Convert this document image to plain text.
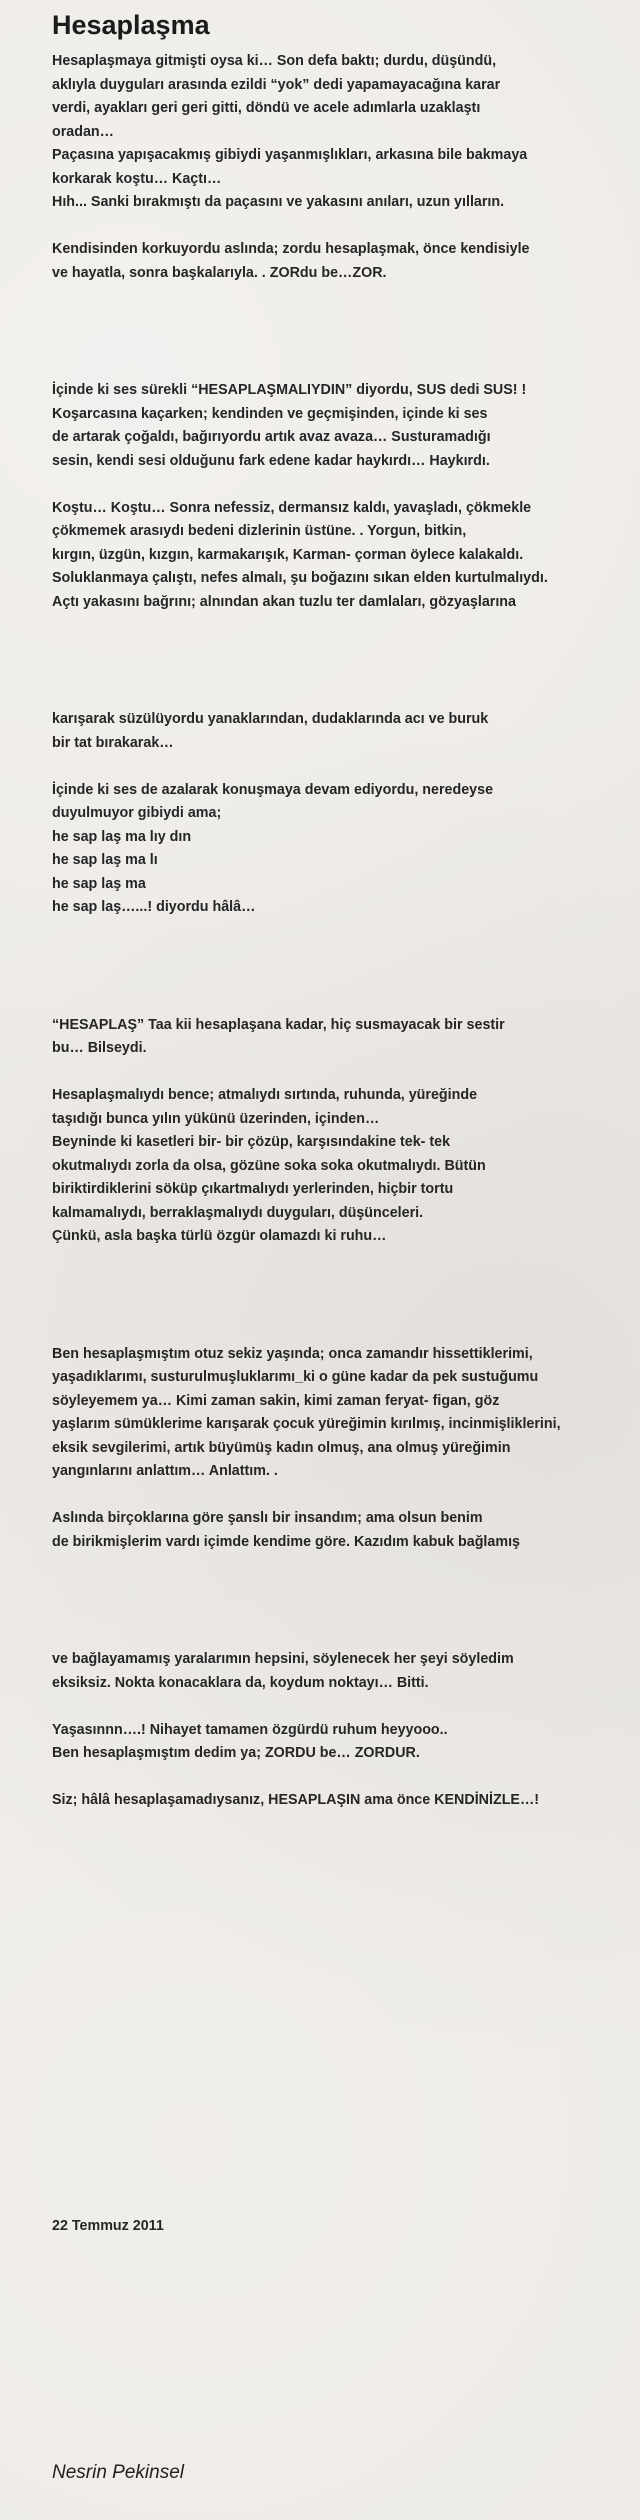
Hesaplaşma
Hesaplaşmaya gitmişti oysa ki… Son defa baktı; durdu, düşündü,
aklıyla duyguları arasında ezildi “yok” dedi yapamayacağına karar
verdi, ayakları geri geri gitti, döndü ve acele adımlarla uzaklaştı
oradan…
Paçasına yapışacakmış gibiydi yaşanmışlıkları, arkasına bile bakmaya
korkarak koştu… Kaçtı…
Hıh... Sanki bırakmıştı da paçasını ve yakasını anıları, uzun yılların.
Kendisinden korkuyordu aslında; zordu hesaplaşmak, önce kendisiyle
ve hayatla, sonra başkalarıyla. . ZORdu be…ZOR.
İçinde ki ses sürekli “HESAPLAŞMALIYDIN” diyordu, SUS dedi SUS! !
Koşarcasına kaçarken; kendinden ve geçmişinden, içinde ki ses
de artarak çoğaldı, bağırıyordu artık avaz avaza… Susturamadığı
sesin, kendi sesi olduğunu fark edene kadar haykırdı… Haykırdı.
Koştu… Koştu… Sonra nefessiz, dermansız kaldı, yavaşladı, çökmekle
çökmemek arasıydı bedeni dizlerinin üstüne. . Yorgun, bitkin,
kırgın, üzgün, kızgın, karmakarışık, Karman- çorman öylece kalakaldı.
Soluklanmaya çalıştı, nefes almalı, şu boğazını sıkan elden kurtulmalıydı.
Açtı yakasını bağrını; alnından akan tuzlu ter damlaları, gözyaşlarına
karışarak süzülüyordu yanaklarından, dudaklarında acı ve buruk
bir tat bırakarak…
İçinde ki ses de azalarak konuşmaya devam ediyordu, neredeyse
duyulmuyor gibiydi ama;
he sap laş ma lıy dın
he sap laş ma lı
he sap laş ma
he sap laş…...! diyordu hâlâ…
“HESAPLAŞ” Taa kii hesaplaşana kadar, hiç susmayacak bir sestir
bu… Bilseydi.
Hesaplaşmalıydı bence; atmalıydı sırtında, ruhunda, yüreğinde
taşıdığı bunca yılın yükünü üzerinden, içinden…
Beyninde ki kasetleri bir- bir çözüp, karşısındakine tek- tek
okutmalıydı zorla da olsa, gözüne soka soka okutmalıydı. Bütün
biriktirdiklerini söküp çıkartmalıydı yerlerinden, hiçbir tortu
kalmamalıydı, berraklaşmalıydı duyguları, düşünceleri.
Çünkü, asla başka türlü özgür olamazdı ki ruhu…
Ben hesaplaşmıştım otuz sekiz yaşında; onca zamandır hissettiklerimi,
yaşadıklarımı, susturulmuşluklarımı_ki o güne kadar da pek sustuğumu
söyleyemem ya… Kimi zaman sakin, kimi zaman feryat- figan, göz
yaşlarım sümüklerime karışarak çocuk yüreğimin kırılmış, incinmişliklerini,
eksik sevgilerimi, artık büyümüş kadın olmuş, ana olmuş yüreğimin
yangınlarını anlattım… Anlattım. .
Aslında birçoklarına göre şanslı bir insandım; ama olsun benim
de birikmişlerim vardı içimde kendime göre. Kazıdım kabuk bağlamış
ve bağlayamamış yaralarımın hepsini, söylenecek her şeyi söyledim
eksiksiz. Nokta konacaklara da, koydum noktayı… Bitti.
Yaşasınnn….! Nihayet tamamen özgürdü ruhum heyyooo..
Ben hesaplaşmıştım dedim ya; ZORDU be… ZORDUR.
Siz; hâlâ hesaplaşamadıysanız, HESAPLAŞIN ama önce KENDİNİZLE…!
22 Temmuz 2011
Nesrin Pekinsel
